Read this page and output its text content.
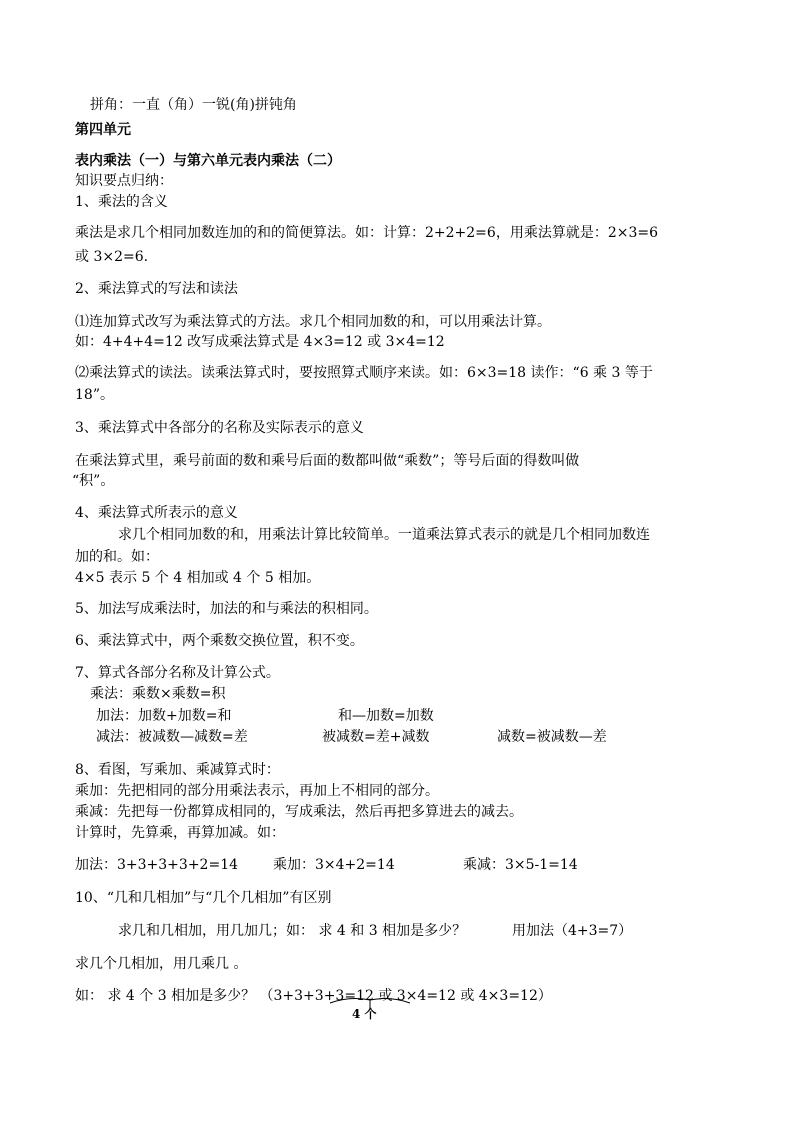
拼角：一直（角）一锐(角)拼钝角
第四单元
表内乘法（一）与第六单元表内乘法（二）
知识要点归纳：
1、乘法的含义
乘法是求几个相同加数连加的和的简便算法。如：计算：2+2+2=6，用乘法算就是：2×3=6
或 3×2=6.
2、乘法算式的写法和读法
⑴连加算式改写为乘法算式的方法。求几个相同加数的和，可以用乘法计算。
如：4+4+4=12 改写成乘法算式是 4×3=12 或 3×4=12
⑵乘法算式的读法。读乘法算式时，要按照算式顺序来读。如：6×3=18 读作：“6 乘 3 等于
18”。
3、乘法算式中各部分的名称及实际表示的意义
在乘法算式里，乘号前面的数和乘号后面的数都叫做“乘数”；等号后面的得数叫做
“积”。
4、乘法算式所表示的意义
求几个相同加数的和，用乘法计算比较简单。一道乘法算式表示的就是几个相同加数连
加的和。如：
4×5 表示 5 个 4 相加或 4 个 5 相加。
5、加法写成乘法时，加法的和与乘法的积相同。
6、乘法算式中，两个乘数交换位置，积不变。
7、算式各部分名称及计算公式。
乘法：乘数×乘数=积
加法：加数+加数=和	和—加数=加数
减法：被减数—减数=差	被减数=差+减数	减数=被减数—差
8、看图，写乘加、乘减算式时：
乘加：先把相同的部分用乘法表示，再加上不相同的部分。
乘减：先把每一份都算成相同的，写成乘法，然后再把多算进去的减去。
计算时，先算乘，再算加减。如：
加法：3+3+3+3+2=14 乘加：3×4+2=14	乘减：3×5-1=14
10、“几和几相加”与“几个几相加”有区别
求几和几相加，用几加几；如： 求 4 和 3 相加是多少？	用加法（4+3=7）
求几个几相加，用几乘几 。
如： 求 4 个 3 相加是多少？ （3+3+3+3=12 或 3×4=12 或 4×3=12）
4 个
